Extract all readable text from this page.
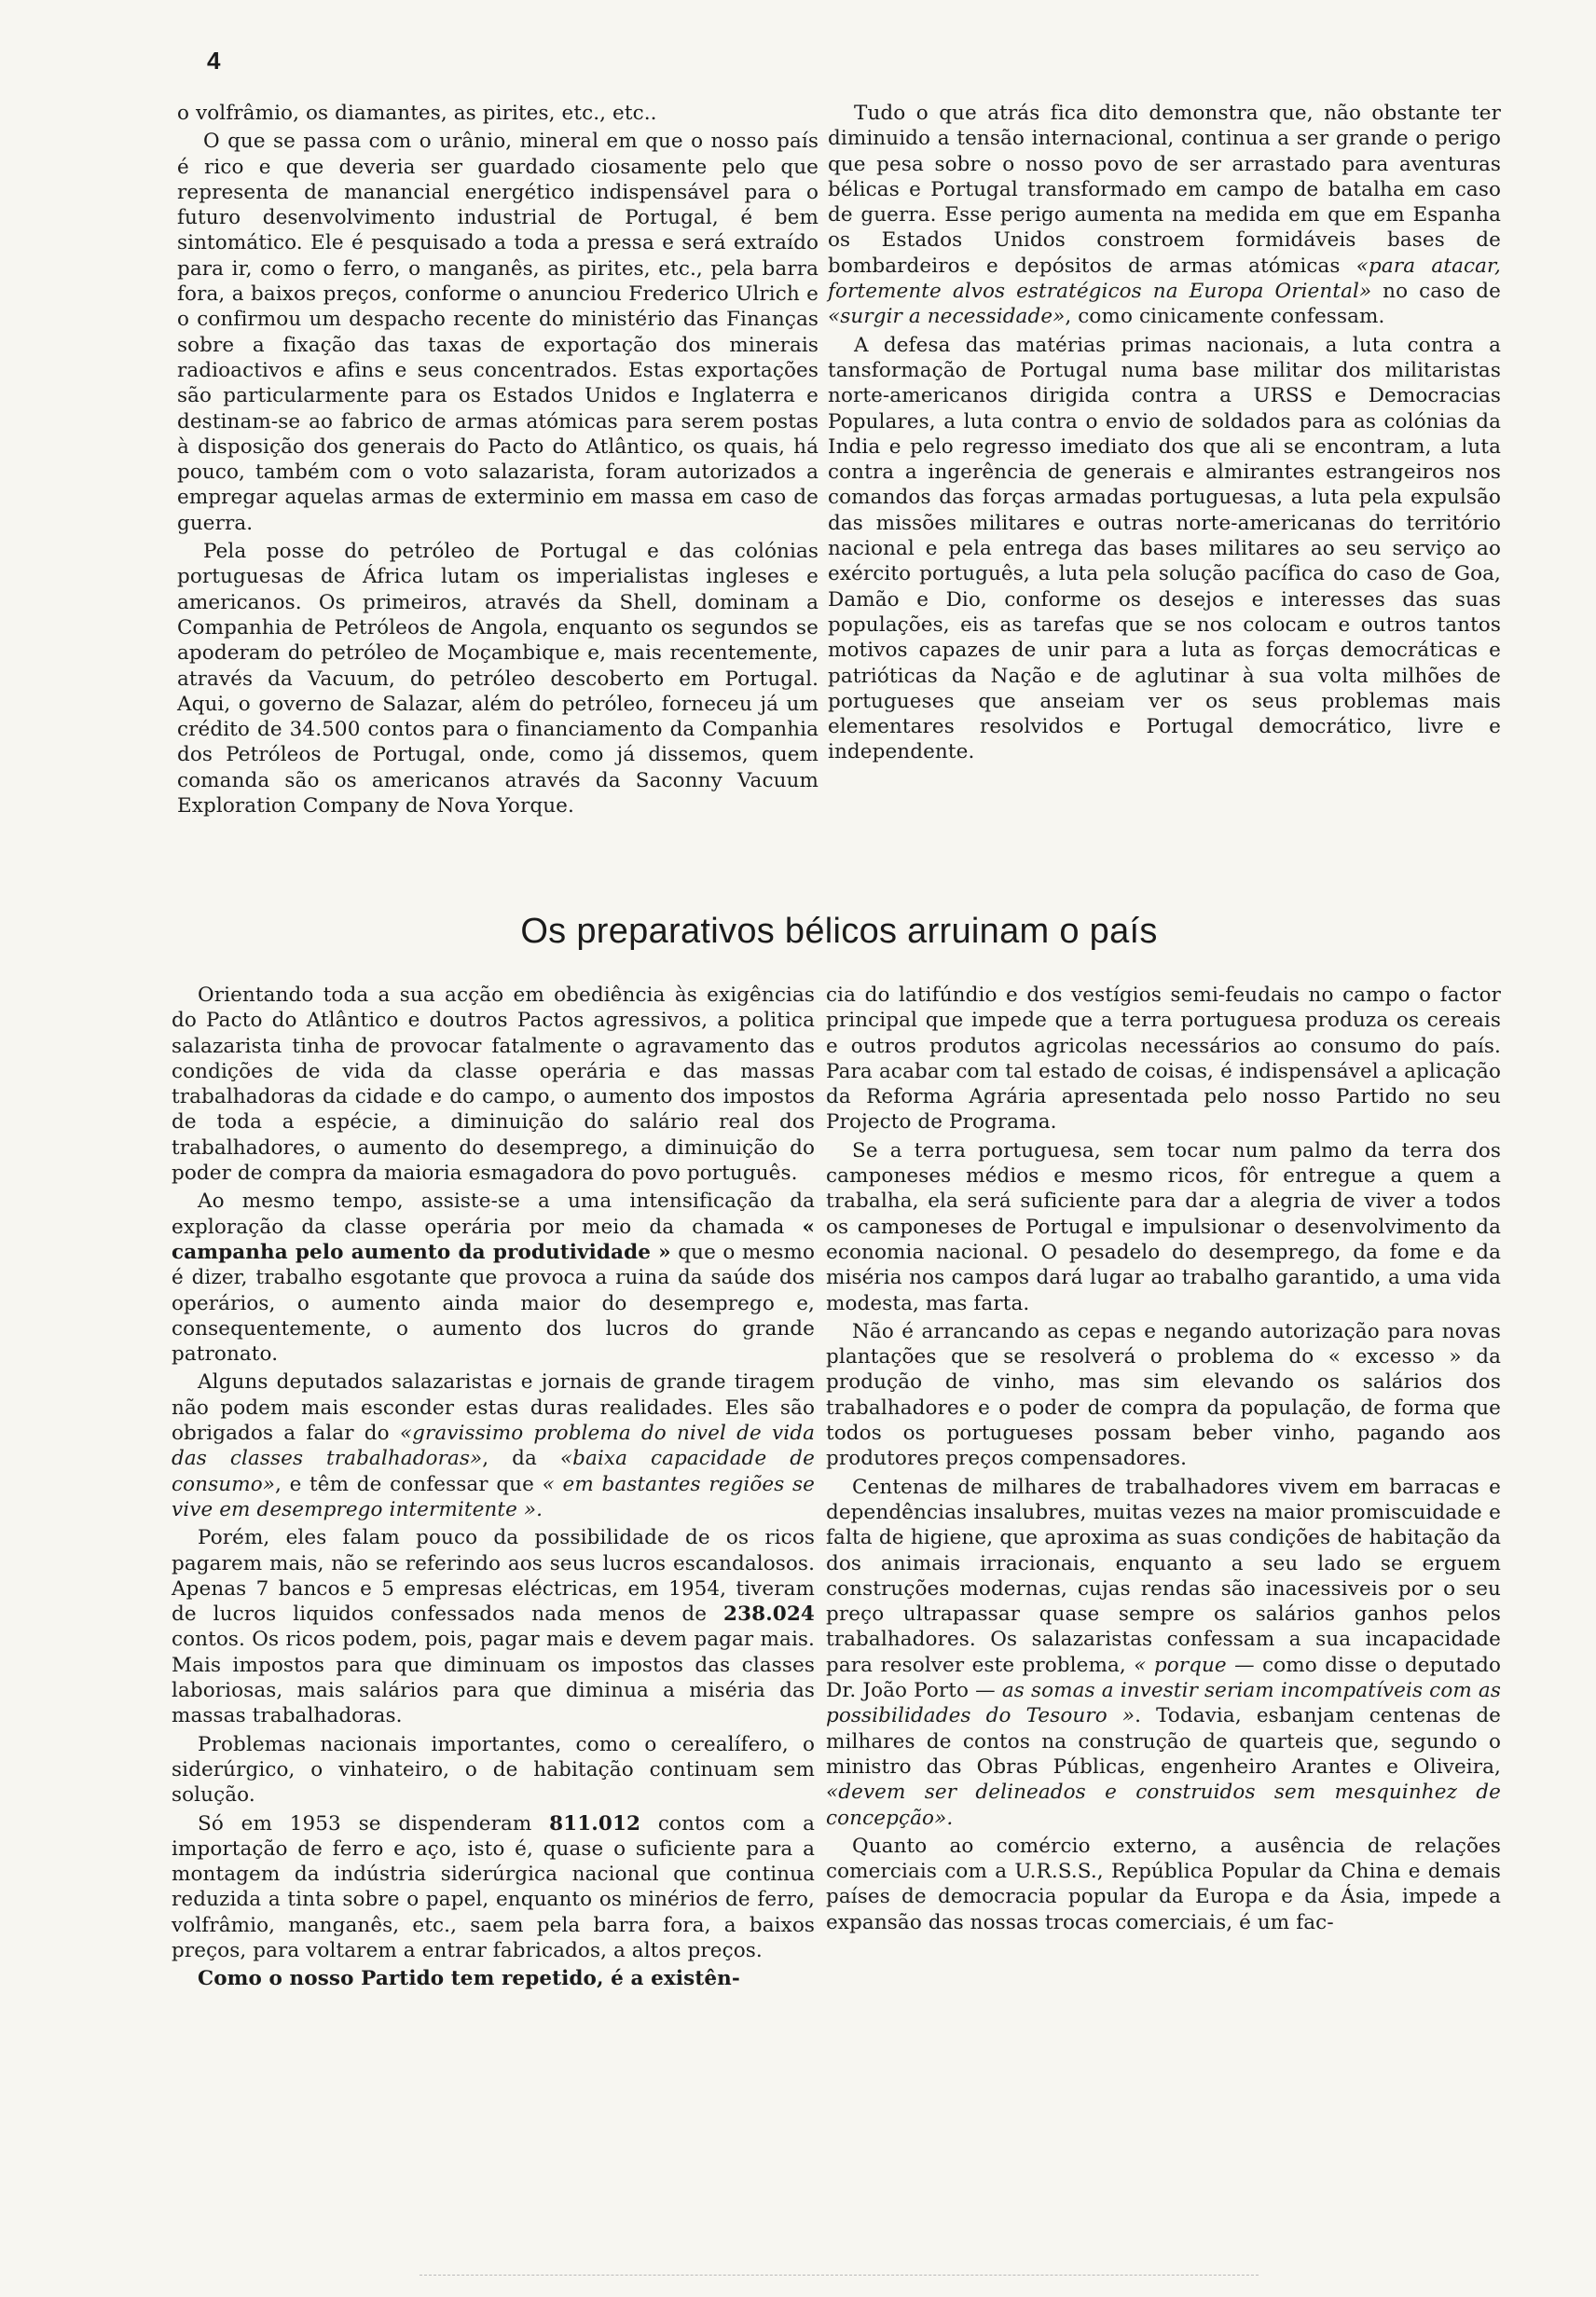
4

o volfrâmio, os diamantes, as pirites, etc., etc..

O que se passa com o urânio, mineral em que o nosso país é rico e que deveria ser guardado ciosamente pelo que representa de manancial energético indispensável para o futuro desenvolvimento industrial de Portugal, é bem sintomático. Ele é pesquisado a toda a pressa e será extraído para ir, como o ferro, o manganês, as pirites, etc., pela barra fora, a baixos preços, conforme o anunciou Frederico Ulrich e o confirmou um despacho recente do ministério das Finanças sobre a fixação das taxas de exportação dos minerais radioactivos e afins e seus concentrados. Estas exportações são particularmente para os Estados Unidos e Inglaterra e destinam-se ao fabrico de armas atómicas para serem postas à disposição dos generais do Pacto do Atlântico, os quais, há pouco, também com o voto salazarista, foram autorizados a empregar aquelas armas de exterminio em massa em caso de guerra.

Pela posse do petróleo de Portugal e das colónias portuguesas de África lutam os imperialistas ingleses e americanos. Os primeiros, através da Shell, dominam a Companhia de Petróleos de Angola, enquanto os segundos se apoderam do petróleo de Moçambique e, mais recentemente, através da Vacuum, do petróleo descoberto em Portugal. Aqui, o governo de Salazar, além do petróleo, forneceu já um crédito de 34.500 contos para o financiamento da Companhia dos Petróleos de Portugal, onde, como já dissemos, quem comanda são os americanos através da Saconny Vacuum Exploration Company de Nova Yorque.

Tudo o que atrás fica dito demonstra que, não obstante ter diminuido a tensão internacional, continua a ser grande o perigo que pesa sobre o nosso povo de ser arrastado para aventuras bélicas e Portugal transformado em campo de batalha em caso de guerra. Esse perigo aumenta na medida em que em Espanha os Estados Unidos constroem formidáveis bases de bombardeiros e depósitos de armas atómicas «para atacar, fortemente alvos estratégicos na Europa Oriental» no caso de «surgir a necessidade», como cinicamente confessam.

A defesa das matérias primas nacionais, a luta contra a tansformação de Portugal numa base militar dos militaristas norte-americanos dirigida contra a URSS e Democracias Populares, a luta contra o envio de soldados para as colónias da India e pelo regresso imediato dos que ali se encontram, a luta contra a ingerência de generais e almirantes estrangeiros nos comandos das forças armadas portuguesas, a luta pela expulsão das missões militares e outras norte-americanas do território nacional e pela entrega das bases militares ao seu serviço ao exército português, a luta pela solução pacífica do caso de Goa, Damão e Dio, conforme os desejos e interesses das suas populações, eis as tarefas que se nos colocam e outros tantos motivos capazes de unir para a luta as forças democráticas e patrióticas da Nação e de aglutinar à sua volta milhões de portugueses que anseiam ver os seus problemas mais elementares resolvidos e Portugal democrático, livre e independente.

Os preparativos bélicos arruinam o país

Orientando toda a sua acção em obediência às exigências do Pacto do Atlântico e doutros Pactos agressivos, a politica salazarista tinha de provocar fatalmente o agravamento das condições de vida da classe operária e das massas trabalhadoras da cidade e do campo, o aumento dos impostos de toda a espécie, a diminuição do salário real dos trabalhadores, o aumento do desemprego, a diminuição do poder de compra da maioria esmagadora do povo português.

Ao mesmo tempo, assiste-se a uma intensificação da exploração da classe operária por meio da chamada « campanha pelo aumento da produtividade » que o mesmo é dizer, trabalho esgotante que provoca a ruina da saúde dos operários, o aumento ainda maior do desemprego e, consequentemente, o aumento dos lucros do grande patronato.

Alguns deputados salazaristas e jornais de grande tiragem não podem mais esconder estas duras realidades. Eles são obrigados a falar do «gravissimo problema do nivel de vida das classes trabalhadoras», da «baixa capacidade de consumo», e têm de confessar que « em bastantes regiões se vive em desemprego intermitente ».

Porém, eles falam pouco da possibilidade de os ricos pagarem mais, não se referindo aos seus lucros escandalosos. Apenas 7 bancos e 5 empresas eléctricas, em 1954, tiveram de lucros liquidos confessados nada menos de 238.024 contos. Os ricos podem, pois, pagar mais e devem pagar mais. Mais impostos para que diminuam os impostos das classes laboriosas, mais salários para que diminua a miséria das massas trabalhadoras.

Problemas nacionais importantes, como o cerealífero, o siderúrgico, o vinhateiro, o de habitação continuam sem solução.

Só em 1953 se dispenderam 811.012 contos com a importação de ferro e aço, isto é, quase o suficiente para a montagem da indústria siderúrgica nacional que continua reduzida a tinta sobre o papel, enquanto os minérios de ferro, volfrâmio, manganês, etc., saem pela barra fora, a baixos preços, para voltarem a entrar fabricados, a altos preços.

Como o nosso Partido tem repetido, é a existên-

cia do latifúndio e dos vestígios semi-feudais no campo o factor principal que impede que a terra portuguesa produza os cereais e outros produtos agricolas necessários ao consumo do país. Para acabar com tal estado de coisas, é indispensável a aplicação da Reforma Agrária apresentada pelo nosso Partido no seu Projecto de Programa.

Se a terra portuguesa, sem tocar num palmo da terra dos camponeses médios e mesmo ricos, fôr entregue a quem a trabalha, ela será suficiente para dar a alegria de viver a todos os camponeses de Portugal e impulsionar o desenvolvimento da economia nacional. O pesadelo do desemprego, da fome e da miséria nos campos dará lugar ao trabalho garantido, a uma vida modesta, mas farta.

Não é arrancando as cepas e negando autorização para novas plantações que se resolverá o problema do « excesso » da produção de vinho, mas sim elevando os salários dos trabalhadores e o poder de compra da população, de forma que todos os portugueses possam beber vinho, pagando aos produtores preços compensadores.

Centenas de milhares de trabalhadores vivem em barracas e dependências insalubres, muitas vezes na maior promiscuidade e falta de higiene, que aproxima as suas condições de habitação da dos animais irracionais, enquanto a seu lado se erguem construções modernas, cujas rendas são inacessiveis por o seu preço ultrapassar quase sempre os salários ganhos pelos trabalhadores. Os salazaristas confessam a sua incapacidade para resolver este problema, « porque — como disse o deputado Dr. João Porto — as somas a investir seriam incompatíveis com as possibilidades do Tesouro ». Todavia, esbanjam centenas de milhares de contos na construção de quarteis que, segundo o ministro das Obras Públicas, engenheiro Arantes e Oliveira, «devem ser delineados e construidos sem mesquinhez de concepção».

Quanto ao comércio externo, a ausência de relações comerciais com a U.R.S.S., República Popular da China e demais países de democracia popular da Europa e da Ásia, impede a expansão das nossas trocas comerciais, é um fac-
